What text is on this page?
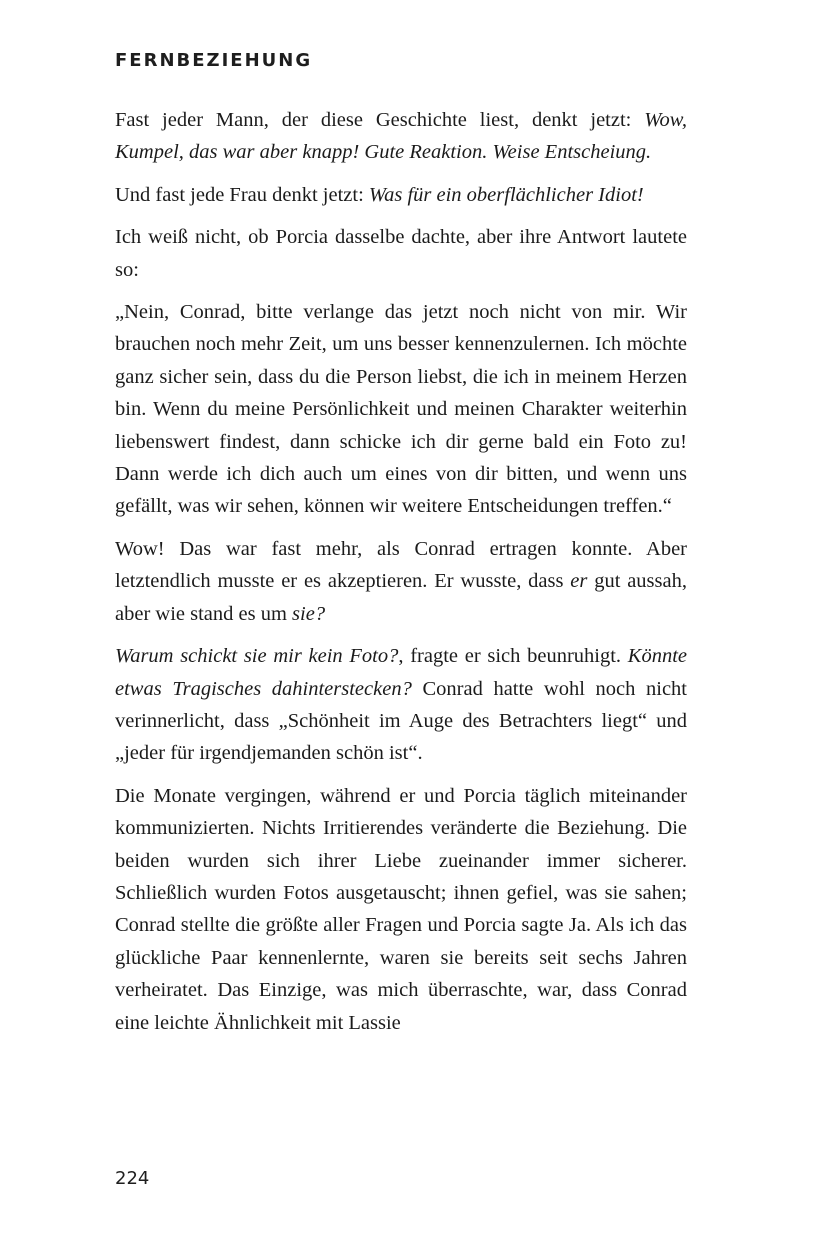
FERNBEZIEHUNG

Fast jeder Mann, der diese Geschichte liest, denkt jetzt: Wow, Kumpel, das war aber knapp! Gute Reaktion. Weise Entscheiung.

Und fast jede Frau denkt jetzt: Was für ein oberflächlicher Idiot!

Ich weiß nicht, ob Porcia dasselbe dachte, aber ihre Antwort lautete so:

„Nein, Conrad, bitte verlange das jetzt noch nicht von mir. Wir brauchen noch mehr Zeit, um uns besser kennenzulernen. Ich möchte ganz sicher sein, dass du die Person liebst, die ich in meinem Herzen bin. Wenn du meine Persönlichkeit und meinen Charakter weiterhin liebenswert findest, dann schicke ich dir gerne bald ein Foto zu! Dann werde ich dich auch um eines von dir bitten, und wenn uns gefällt, was wir sehen, können wir weitere Entscheidungen treffen.“

Wow! Das war fast mehr, als Conrad ertragen konnte. Aber letztendlich musste er es akzeptieren. Er wusste, dass er gut aussah, aber wie stand es um sie?

Warum schickt sie mir kein Foto?, fragte er sich beunruhigt. Könnte etwas Tragisches dahinterstecken? Conrad hatte wohl noch nicht verinnerlicht, dass „Schönheit im Auge des Betrachters liegt“ und „jeder für irgendjemanden schön ist“.

Die Monate vergingen, während er und Porcia täglich miteinander kommunizierten. Nichts Irritierendes veränderte die Beziehung. Die beiden wurden sich ihrer Liebe zueinander immer sicherer. Schließlich wurden Fotos ausgetauscht; ihnen gefiel, was sie sahen; Conrad stellte die größte aller Fragen und Porcia sagte Ja. Als ich das glückliche Paar kennenlernte, waren sie bereits seit sechs Jahren verheiratet. Das Einzige, was mich überraschte, war, dass Conrad eine leichte Ähnlichkeit mit Lassie

224
